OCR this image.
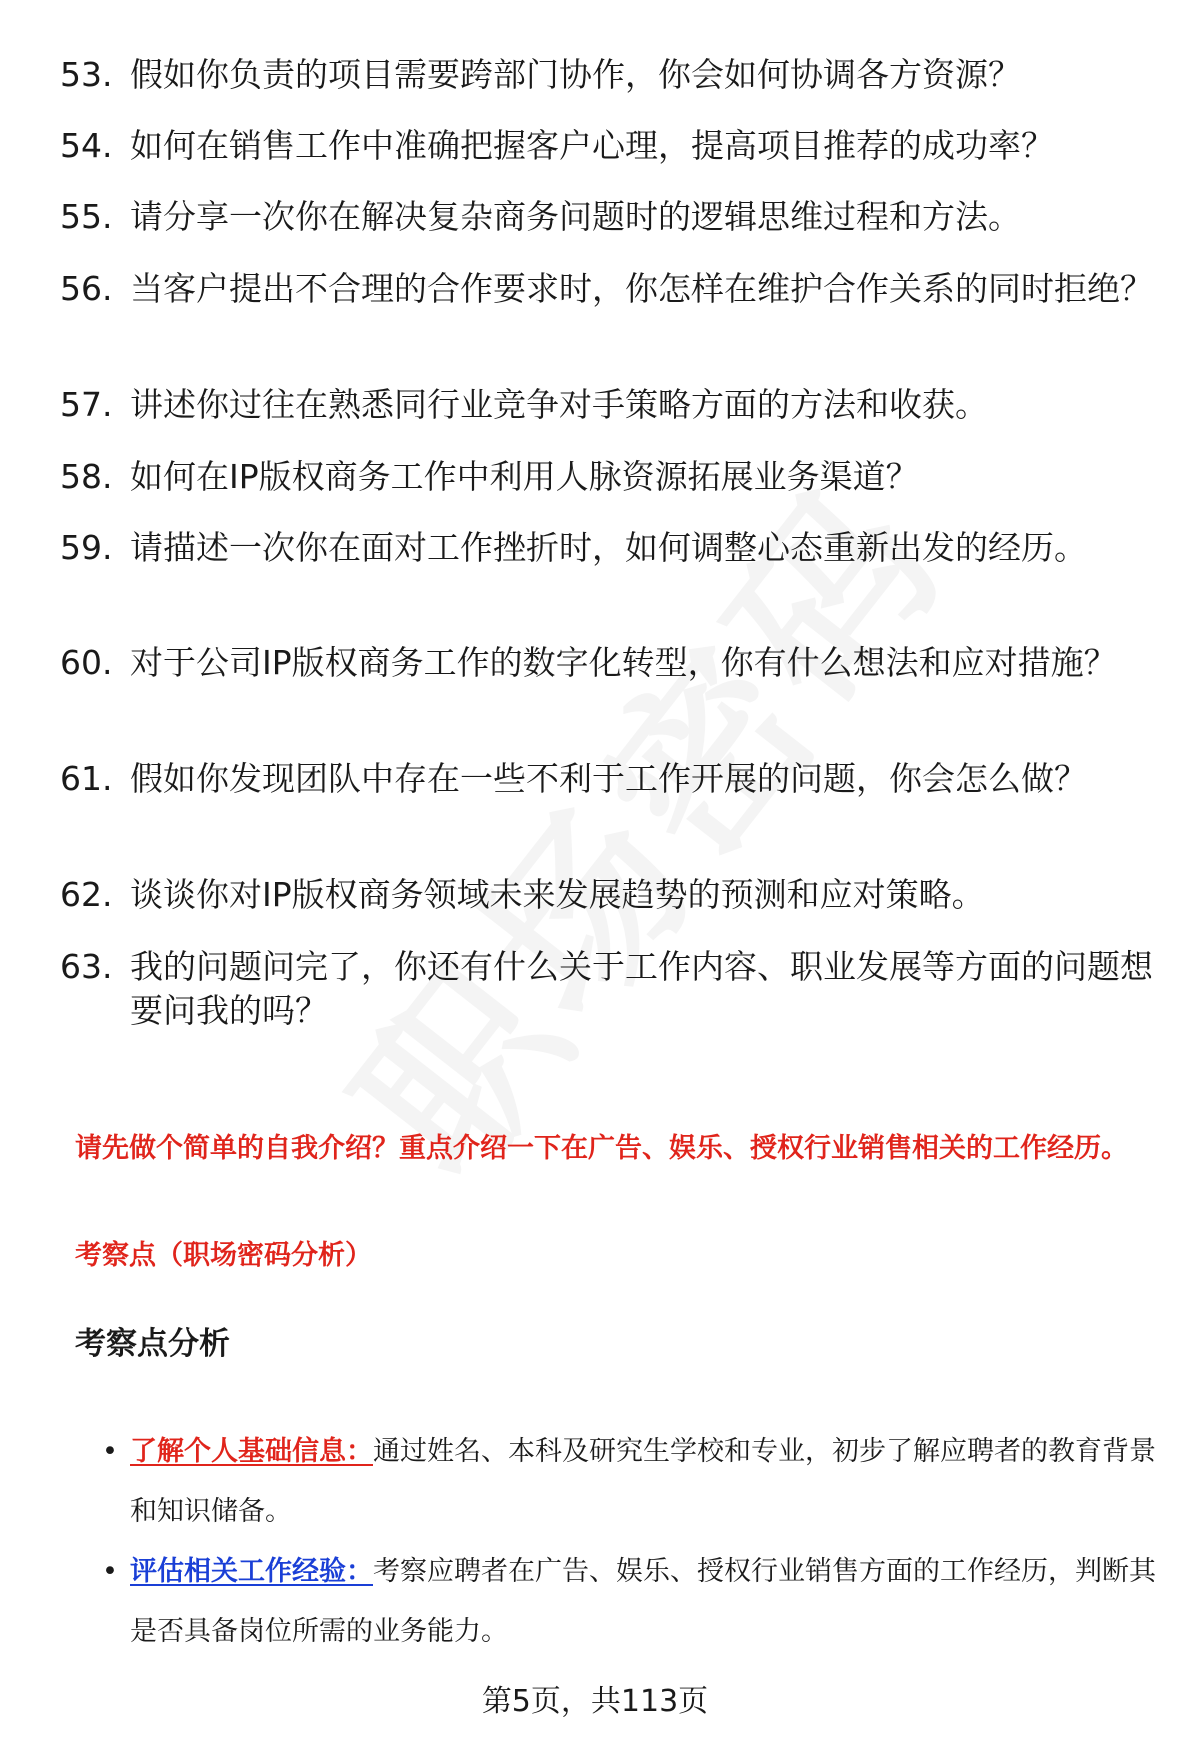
53. 假如你负责的项目需要跨部门协作，你会如何协调各方资源？
54. 如何在销售工作中准确把握客户心理，提高项目推荐的成功率？
55. 请分享一次你在解决复杂商务问题时的逻辑思维过程和方法。
56. 当客户提出不合理的合作要求时，你怎样在维护合作关系的同时拒绝？
57. 讲述你过往在熟悉同行业竞争对手策略方面的方法和收获。
58. 如何在IP版权商务工作中利用人脉资源拓展业务渠道？
59. 请描述一次你在面对工作挫折时，如何调整心态重新出发的经历。
60. 对于公司IP版权商务工作的数字化转型，你有什么想法和应对措施？
61. 假如你发现团队中存在一些不利于工作开展的问题，你会怎么做？
62. 谈谈你对IP版权商务领域未来发展趋势的预测和应对策略。
63. 我的问题问完了，你还有什么关于工作内容、职业发展等方面的问题想要问我的吗？
请先做个简单的自我介绍？重点介绍一下在广告、娱乐、授权行业销售相关的工作经历。
考察点（职场密码分析）
考察点分析
• 了解个人基础信息：通过姓名、本科及研究生学校和专业，初步了解应聘者的教育背景和知识储备。
• 评估相关工作经验：考察应聘者在广告、娱乐、授权行业销售方面的工作经历，判断其是否具备岗位所需的业务能力。
第5页，共113页
